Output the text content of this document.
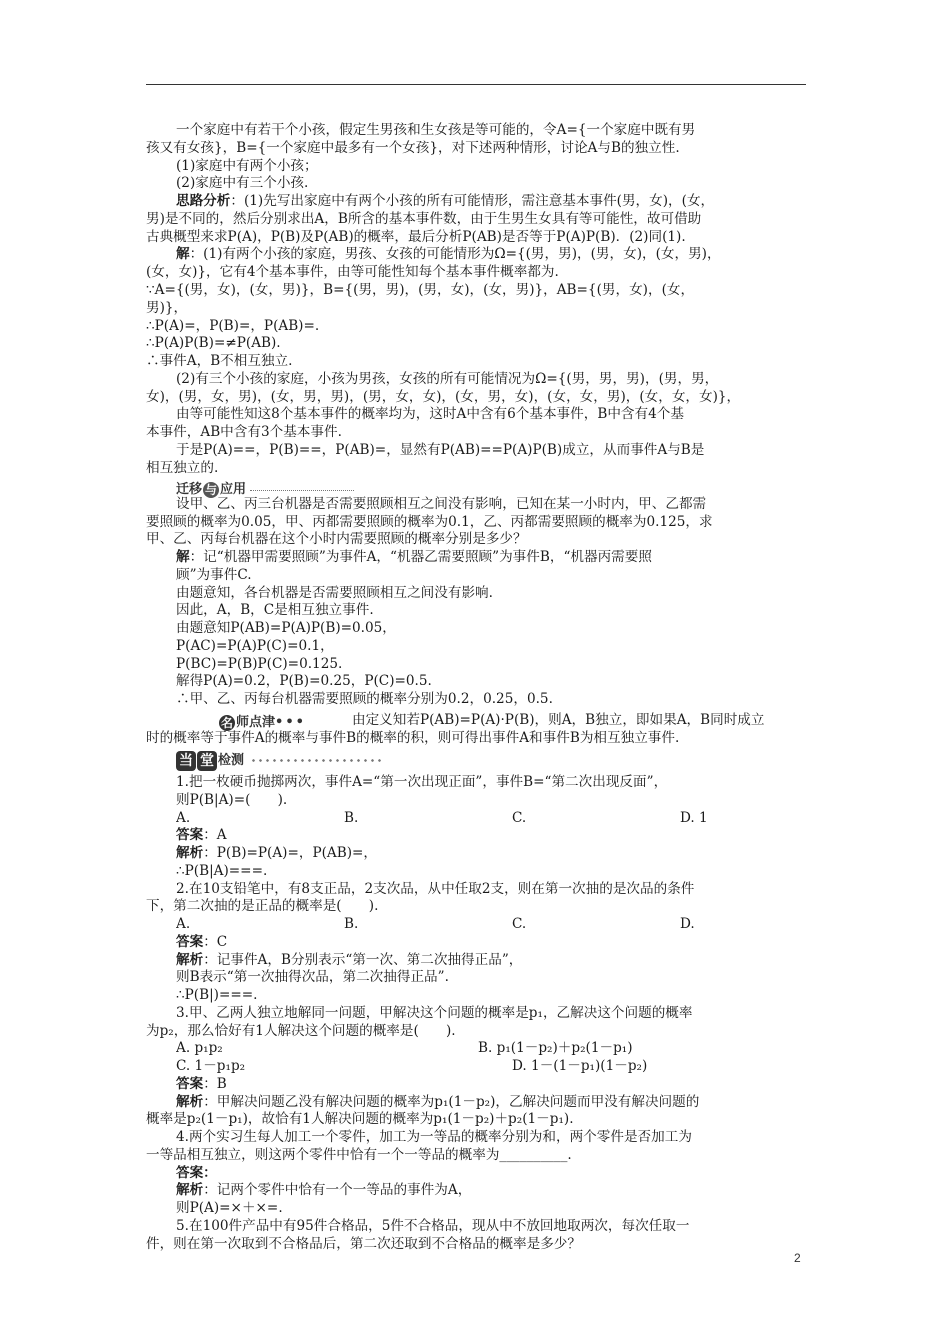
一个家庭中有若干个小孩，假定生男孩和生女孩是等可能的，令A={一个家庭中既有男
孩又有女孩}，B={一个家庭中最多有一个女孩}，对下述两种情形，讨论A与B的独立性.
(1)家庭中有两个小孩；
(2)家庭中有三个小孩.
思路分析：(1)先写出家庭中有两个小孩的所有可能情形，需注意基本事件(男，女)，(女，
男)是不同的，然后分别求出A，B所含的基本事件数，由于生男生女具有等可能性，故可借助
古典概型来求P(A)，P(B)及P(AB)的概率，最后分析P(AB)是否等于P(A)P(B)．(2)同(1).
解：(1)有两个小孩的家庭，男孩、女孩的可能情形为Ω={(男，男)，(男，女)，(女，男)，
(女，女)}，它有4个基本事件，由等可能性知每个基本事件概率都为.
∵A={(男，女)，(女，男)}，B={(男，男)，(男，女)，(女，男)}，AB={(男，女)，(女，
男)}，
∴P(A)=，P(B)=，P(AB)=.
∴P(A)P(B)=≠P(AB).
∴事件A，B不相互独立.
(2)有三个小孩的家庭，小孩为男孩，女孩的所有可能情况为Ω={(男，男，男)，(男，男，
女)，(男，女，男)，(女，男，男)，(男，女，女)，(女，男，女)，(女，女，男)，(女，女，女)}，
由等可能性知这8个基本事件的概率均为，这时A中含有6个基本事件，B中含有4个基
本事件，AB中含有3个基本事件.
于是P(A)==，P(B)==，P(AB)=，显然有P(AB)==P(A)P(B)成立，从而事件A与B是
相互独立的.
迁移 与 应用
设甲、乙、丙三台机器是否需要照顾相互之间没有影响，已知在某一小时内，甲、乙都需
要照顾的概率为0.05，甲、丙都需要照顾的概率为0.1，乙、丙都需要照顾的概率为0.125，求
甲、乙、丙每台机器在这个小时内需要照顾的概率分别是多少？
解：记“机器甲需要照顾”为事件A，“机器乙需要照顾”为事件B，“机器丙需要照
顾”为事件C.
由题意知，各台机器是否需要照顾相互之间没有影响.
因此，A，B，C是相互独立事件.
由题意知P(AB)=P(A)P(B)=0.05，
P(AC)=P(A)P(C)=0.1，
P(BC)=P(B)P(C)=0.125.
解得P(A)=0.2，P(B)=0.25，P(C)=0.5.
∴甲、乙、丙每台机器需要照顾的概率分别为0.2，0.25，0.5.
名 师点津•••	由定义知若P(AB)=P(A)·P(B)，则A，B独立，即如果A，B同时成立
时的概率等于事件A的概率与事件B的概率的积，则可得出事件A和事件B为相互独立事件.
当 堂 检测
1.把一枚硬币抛掷两次，事件A=“第一次出现正面”，事件B=“第二次出现反面”，
则P(B|A)=(　　).
A.	B.	C.	D. 1
答案：A
解析：P(B)=P(A)=，P(AB)=，
∴P(B|A)===.
2.在10支铅笔中，有8支正品，2支次品，从中任取2支，则在第一次抽的是次品的条件
下，第二次抽的是正品的概率是(　　).
A.	B.	C.	D.
答案：C
解析：记事件A，B分别表示“第一次、第二次抽得正品”，
则B表示“第一次抽得次品，第二次抽得正品”.
∴P(B|)===.
3.甲、乙两人独立地解同一问题，甲解决这个问题的概率是p₁，乙解决这个问题的概率
为p₂，那么恰好有1人解决这个问题的概率是(　　).
A. p₁p₂	B. p₁(1－p₂)＋p₂(1－p₁)
C. 1－p₁p₂	D. 1－(1－p₁)(1－p₂)
答案：B
解析：甲解决问题乙没有解决问题的概率为p₁(1－p₂)，乙解决问题而甲没有解决问题的
概率是p₂(1－p₁)，故恰有1人解决问题的概率为p₁(1－p₂)＋p₂(1－p₁).
4.两个实习生每人加工一个零件，加工为一等品的概率分别为和，两个零件是否加工为
一等品相互独立，则这两个零件中恰有一个一等品的概率为__________.
答案：
解析：记两个零件中恰有一个一等品的事件为A，
则P(A)=×＋×=.
5.在100件产品中有95件合格品，5件不合格品，现从中不放回地取两次，每次任取一
件，则在第一次取到不合格品后，第二次还取到不合格品的概率是多少？
2
